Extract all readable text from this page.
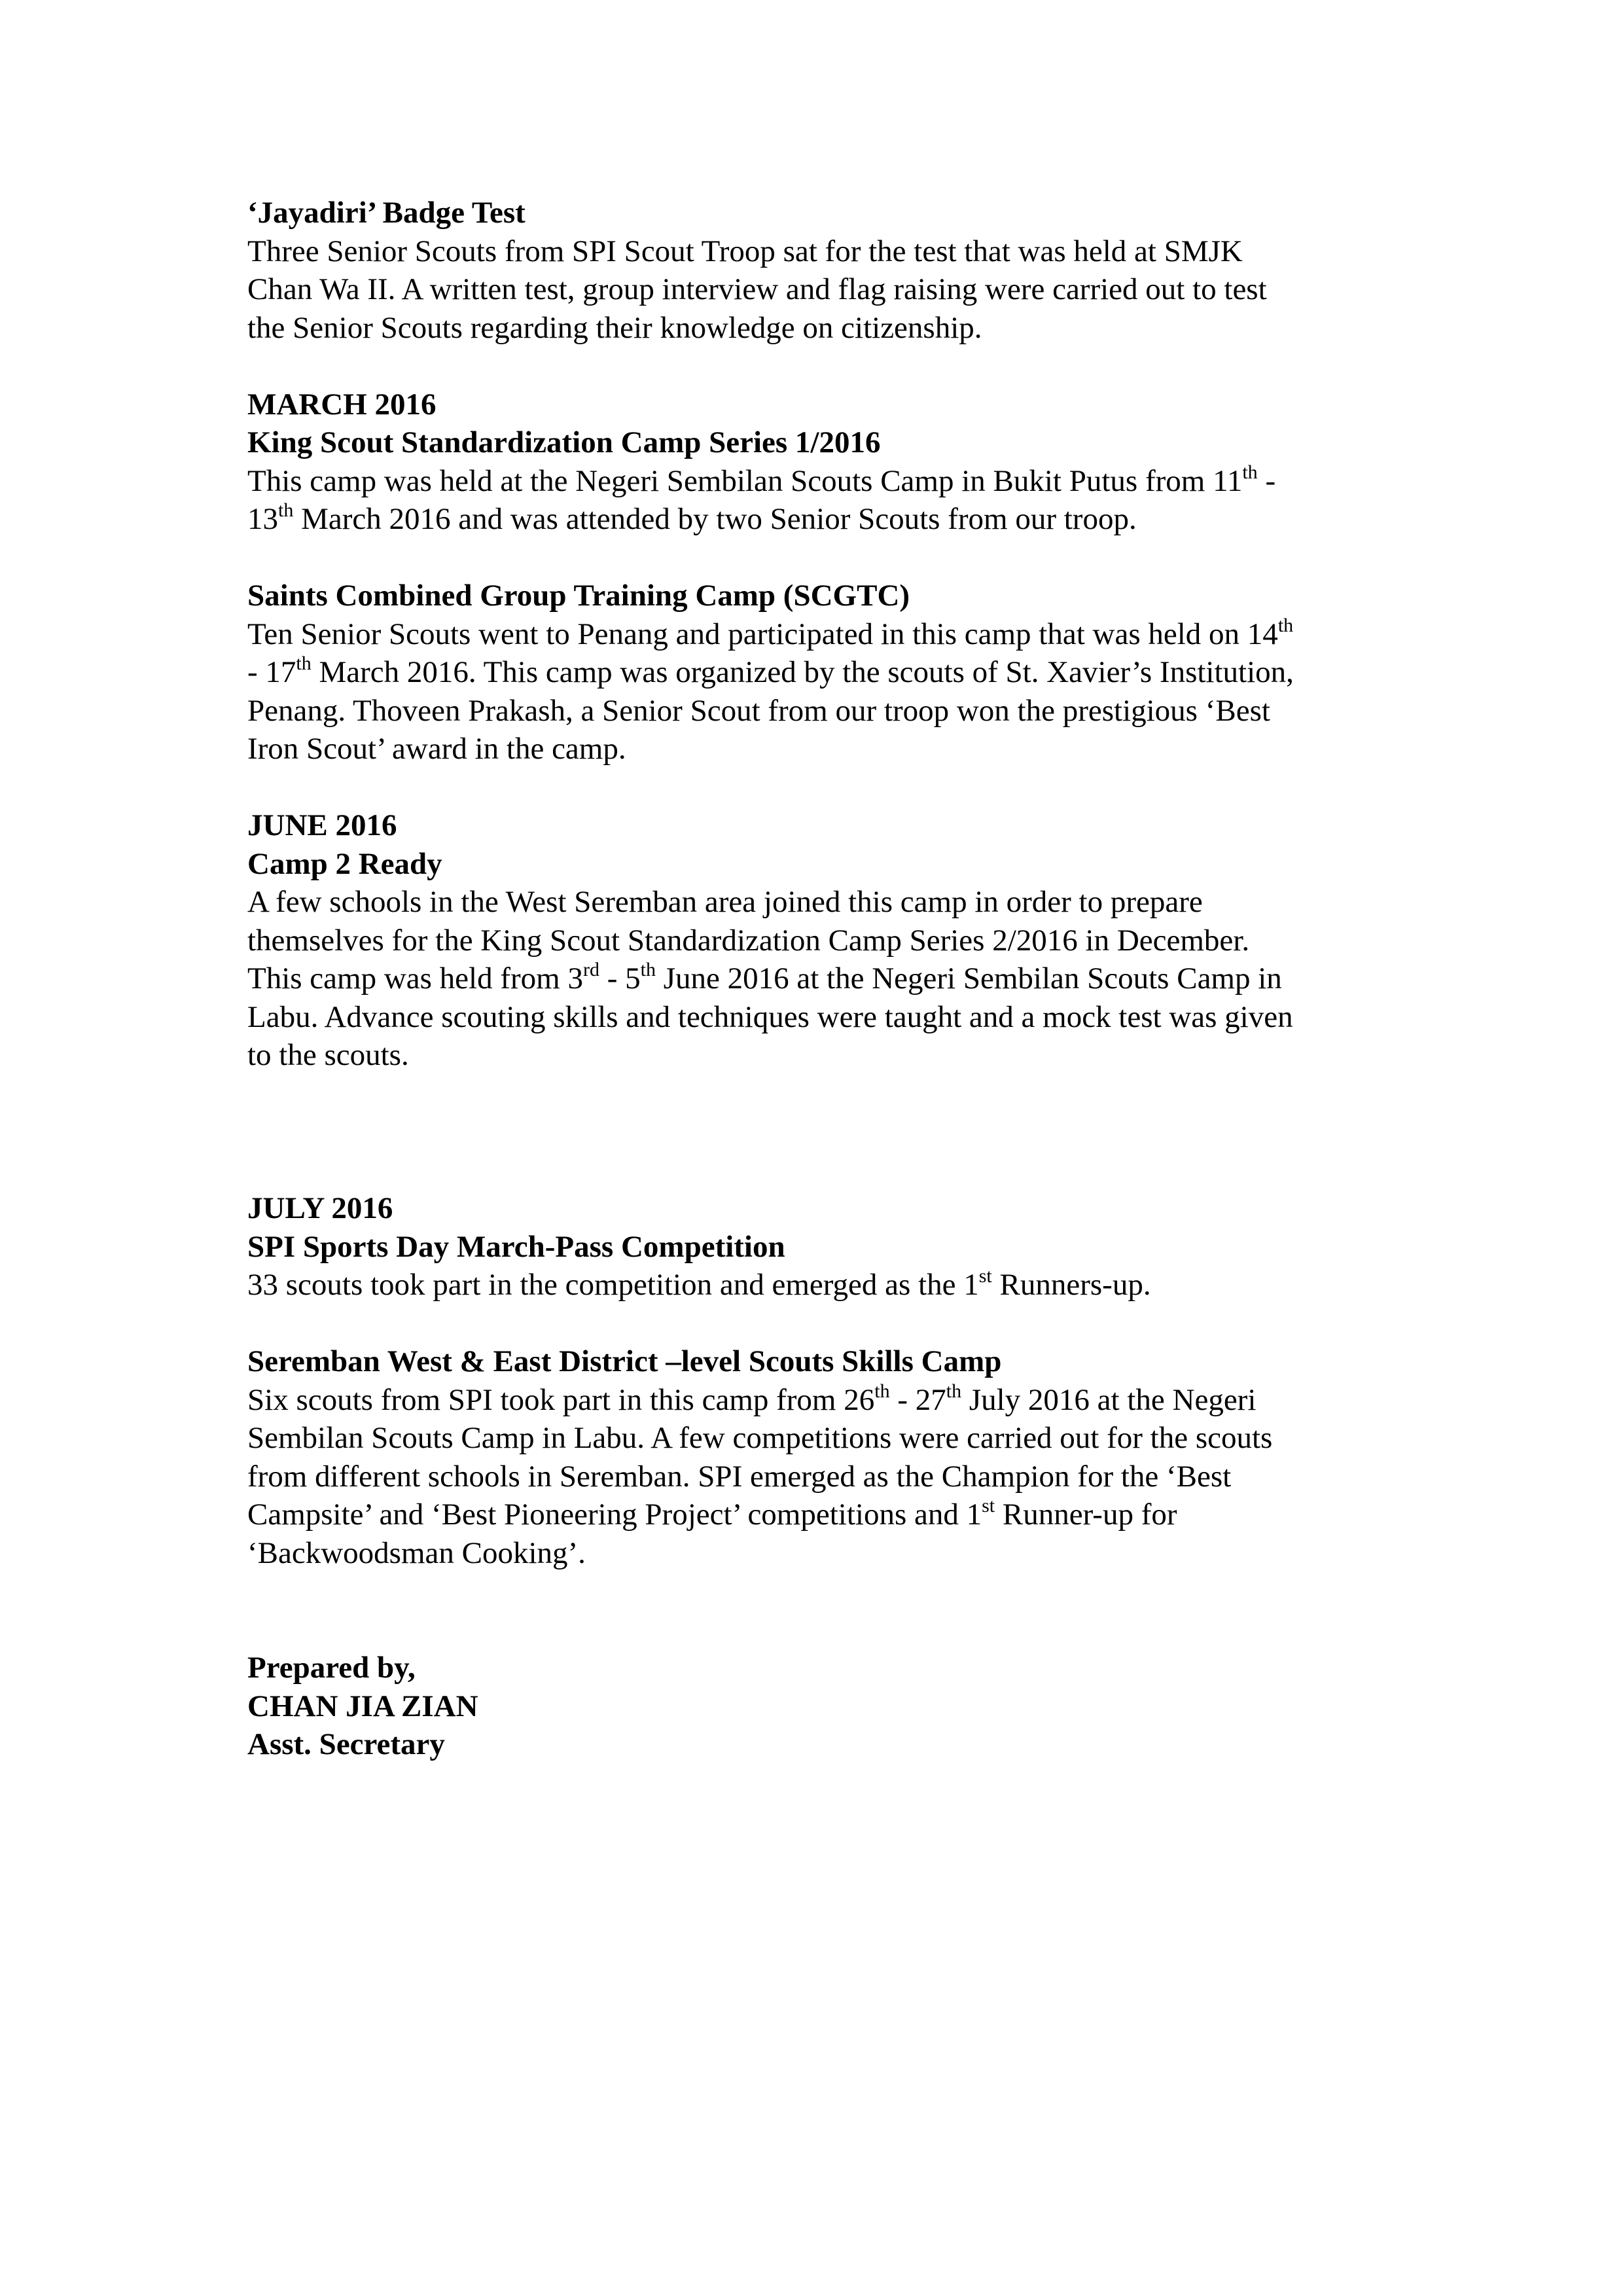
‘Jayadiri’ Badge Test
Three Senior Scouts from SPI Scout Troop sat for the test that was held at SMJK
Chan Wa II. A written test, group interview and flag raising were carried out to test
the Senior Scouts regarding their knowledge on citizenship.
MARCH 2016
King Scout Standardization Camp Series 1/2016
This camp was held at the Negeri Sembilan Scouts Camp in Bukit Putus from 11th -
13th March 2016 and was attended by two Senior Scouts from our troop.
Saints Combined Group Training Camp (SCGTC)
Ten Senior Scouts went to Penang and participated in this camp that was held on 14th
- 17th March 2016. This camp was organized by the scouts of St. Xavier’s Institution,
Penang. Thoveen Prakash, a Senior Scout from our troop won the prestigious ‘Best
Iron Scout’ award in the camp.
JUNE 2016
Camp 2 Ready
A few schools in the West Seremban area joined this camp in order to prepare
themselves for the King Scout Standardization Camp Series 2/2016 in December.
This camp was held from 3rd - 5th June 2016 at the Negeri Sembilan Scouts Camp in
Labu. Advance scouting skills and techniques were taught and a mock test was given
to the scouts.
JULY 2016
SPI Sports Day March-Pass Competition
33 scouts took part in the competition and emerged as the 1st Runners-up.
Seremban West & East District –level Scouts Skills Camp
Six scouts from SPI took part in this camp from 26th - 27th July 2016 at the Negeri
Sembilan Scouts Camp in Labu. A few competitions were carried out for the scouts
from different schools in Seremban. SPI emerged as the Champion for the ‘Best
Campsite’ and ‘Best Pioneering Project’ competitions and 1st Runner-up for
‘Backwoodsman Cooking’.
Prepared by,
CHAN JIA ZIAN
Asst. Secretary
